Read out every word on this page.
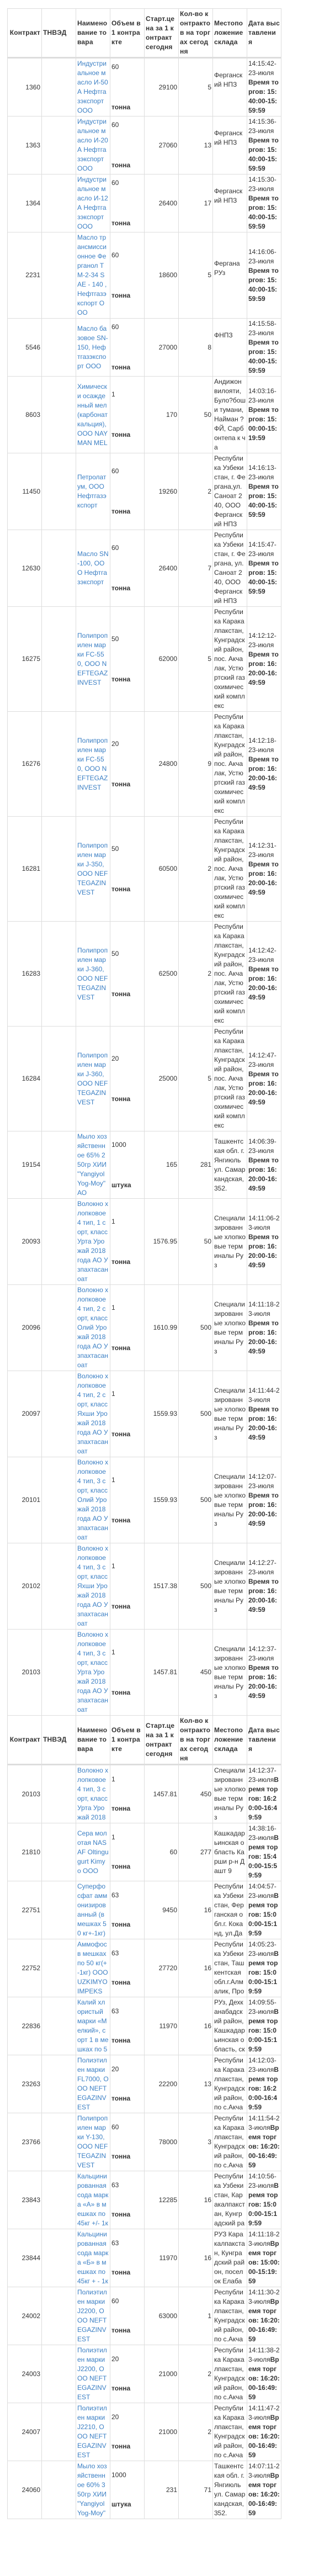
Контракт	ТНВЭД	Наименование товара	Объем в 1 контракте	Старт.цена за 1 контракт сегодня	Кол-во контрактов на торгах сегодня	Местоположение склада	Дата выставления
1360		Индустриальное масло И-50А Нефтгазэкспорт ООО	60
тонна	29100	5	Ферганский НПЗ	14:15:42-23-июля
Время торгов: 15:40:00-15:59:59

1363		Индустриальное масло И-20А Нефтгазэкспорт ООО	60
тонна	27060	13	Ферганский НПЗ	14:15:36-23-июля
Время торгов: 15:40:00-15:59:59

1364		Индустриальное масло И-12А Нефтгазэкспорт ООО	60
тонна	26400	17	Ферганский НПЗ	14:15:30-23-июля
Время торгов: 15:40:00-15:59:59

2231		Масло трансмиссионное Ферганол ТМ-2-34 SAE - 140 , Нефтгазэкспорт ООО	60
тонна	18600	5	Фергана РУз	14:16:06-23-июля
Время торгов: 15:40:00-15:59:59

5546		Масло базовое SN-150, Нефтгазэкспорт ООО	60
тонна	27000	8	ФНПЗ	14:15:58-23-июля
Время торгов: 15:40:00-15:59:59

8603		Химически осажденный мел (карбонат кальция), ООО NAYMAN MEL	1
тонна	170	50	Андижон вилояти, Було?боши тумани, Найман ?ФЙ, Сарбонтепа к ча	14:03:16-23-июля
Время торгов: 15:00:00-15:19:59

11450		Петролатум, ООО Нефтгазэкспорт	60
тонна	19260	2	Республика Узбекистан, г. Фергана,ул. Саноат 240, ООО Ферганский НПЗ	14:16:13-23-июля
Время торгов: 15:40:00-15:59:59

12630		Масло SN-100, ООО Нефтгазэкспорт	60
тонна	26400	7	Республика Узбекистан, г. Фергана, ул. Саноат 240, ООО Ферганский НПЗ	14:15:47-23-июля
Время торгов: 15:40:00-15:59:59

16275		Полипропилен марки FC-550, ООО NEFTEGAZINVEST	50
тонна	62000	5	Республика Каракалпакстан, Кунградский район, пос. Акчалак, Устюртский газохимический комплекс	14:12:12-23-июля
Время торгов: 16:20:00-16:49:59

16276		Полипропилен марки FC-550, ООО NEFTEGAZINVEST	20
тонна	24800	9	Республика Каракалпакстан, Кунградский район, пос. Акчалак, Устюртский газохимический комплекс	14:12:18-23-июля
Время торгов: 16:20:00-16:49:59

16281		Полипропилен марки J-350, ООО NEFTEGAZINVEST	50
тонна	60500	2	Республика Каракалпакстан, Кунградский район, пос. Акчалак, Устюртский газохимический комплекс	14:12:31-23-июля
Время торгов: 16:20:00-16:49:59

16283		Полипропилен марки J-360, ООО NEFTEGAZINVEST	50
тонна	62500	2	Республика Каракалпакстан, Кунградский район, пос. Акчалак, Устюртский газохимический комплекс	14:12:42-23-июля
Время торгов: 16:20:00-16:49:59

16284		Полипропилен марки J-360, ООО NEFTEGAZINVEST	20
тонна	25000	5	Республика Каракалпакстан, Кунградский район, пос. Акчалак, Устюртский газохимический комплекс	14:12:47-23-июля
Время торгов: 16:20:00-16:49:59

19154		Мыло хозяйственное 65% 250гр ХИИ "Yangiyol Yog-Moy" АО	1000
штука	165	281	Ташкентская обл. г.Янгиюль ул. Самаркандская, 352.	14:06:39-23-июля
Время торгов: 16:20:00-16:49:59

20093		Волокно хлопковое 4 тип, 1 сорт, класс Урта Урожай 2018 года АО Узпахтасаноат	1
тонна	1576.95	50	Специализированные хлопковые терминалы Руз	14:11:06-23-июля
Время торгов: 16:20:00-16:49:59

20096		Волокно хлопковое 4 тип, 2 сорт, класс Олий Урожай 2018 года АО Узпахтасаноат	1
тонна	1610.99	500	Специализированные хлопковые терминалы Руз	14:11:18-23-июля
Время торгов: 16:20:00-16:49:59

20097		Волокно хлопковое 4 тип, 2 сорт, класс Яхши Урожай 2018 года АО Узпахтасаноат	1
тонна	1559.93	500	Специализированные хлопковые терминалы Руз	14:11:44-23-июля
Время торгов: 16:20:00-16:49:59

20101		Волокно хлопковое 4 тип, 3 сорт, класс Олий Урожай 2018 года АО Узпахтасаноат	1
тонна	1559.93	500	Специализированные хлопковые терминалы Руз	14:12:07-23-июля
Время торгов: 16:20:00-16:49:59

20102		Волокно хлопковое 4 тип, 3 сорт, класс Яхши Урожай 2018 года АО Узпахтасаноат	1
тонна	1517.38	500	Специализированные хлопковые терминалы Руз	14:12:27-23-июля
Время торгов: 16:20:00-16:49:59

20103		Волокно хлопковое 4 тип, 3 сорт, класс Урта Урожай 2018 года АО Узпахтасаноат	1
тонна	1457.81	450	Специализированные хлопковые терминалы Руз	14:12:37-23-июля
Время торгов: 16:20:00-16:49:59
Контракт	ТНВЭД	Наименование товара	Объем в 1 контракте	Старт.цена за 1 контракт сегодня	Кол-во контрактов на торгах сегодня	Местоположение склада	Дата выставления
20103		Волокно хлопковое 4 тип, 3 сорт, класс Урта Урожай 2018	1
тонна	1457.81	450	Специализированные хлопковые терминалы Руз	14:12:37-23-июляВремя торгов: 16:20:00-16:49:59

21810		Сера молотая NASAF Oltingugurt Kimyo ООО	1
тонна	60	277	Кашкадарьинская область Карши р-н Дашт 9	14:38:16-23-июляВремя торгов: 15:40:00-15:59:59

22751		Суперфосфат аммонизированный (в мешках 50 кг+-1кг)	63
тонна	9450	16	Республика Узбекистан, Ферганская обл.г. Коканд, ул.Да	14:04:57-23-июляВремя торгов: 15:00:00-15:19:59

22752		Аммофос в мешках по 50 кг(+ -1кг) ООО UZKIMYOIMPEKS	63
тонна	27720	16	Республика Узбекистан, Ташкентская обл.г.Алмалик, Про	14:05:23-23-июляВремя торгов: 15:00:00-15:19:59

22836		Калий хлористый марки «Мелкий», сорт 1 в мешках по 5	63
тонна	11970	16	РУз, Дехканабадский район, Кашкадарьинская область, ск	14:09:55-23-июляВремя торгов: 15:00:00-15:19:59

23263		Полиэтилен марки FL7000, ООО NEFTEGAZINVEST	20
тонна	22200	13	Республика Каракалпакстан, Кунградский район, по с.Акча	14:12:03-23-июляВремя торгов: 16:20:00-16:49:59

23766		Полипропилен марки Y-130, ООО NEFTEGAZINVEST	60
тонна	78000	3	Республика Каракалпакстан, Кунградский район, по с.Акча	14:11:54-23-июляВремя торгов: 16:20:00-16:49:59

23843		Кальцинированная сода марка «А» в мешках по 45кг +/- 1к	63
тонна	12285	16	Республика Узбекистан, Каракалпакстан, Кунградский ра	14:10:56-23-июляВремя торгов: 15:00:00-15:19:59

23844		Кальцинированная сода марка «Б» в мешках по 45кг + - 1к	63
тонна	11970	16	РУЗ Каракалпакстан, Кунградский район, поселок Елаба	14:11:18-23-июляВремя торгов: 15:00:00-15:19:59

24002		Полиэтилен марки J2200, ООО NEFTEGAZINVEST	60
тонна	63000	1	Республика Каракалпакстан, Кунградский район, по с.Акча	14:11:30-23-июляВремя торгов: 16:20:00-16:49:59

24003		Полиэтилен марки J2200, ООО NEFTEGAZINVEST	20
тонна	21000	2	Республика Каракалпакстан, Кунградский район, по с.Акча	14:11:38-23-июляВремя торгов: 16:20:00-16:49:59

24007		Полиэтилен марки J2210, ООО NEFTEGAZINVEST	20
тонна	21000	2	Республика Каракалпакстан, Кунградский район, по с.Акча	14:11:47-23-июляВремя торгов: 16:20:00-16:49:59

24060		Мыло хозяйственное 60% 350гр ХИИ "Yangiyol Yog-Moy"	1000
штука	231	71	Ташкентская обл. г.Янгиюль ул. Самаркандская, 352.	14:07:11-23-июляВремя торгов: 16:20:00-16:49:59
